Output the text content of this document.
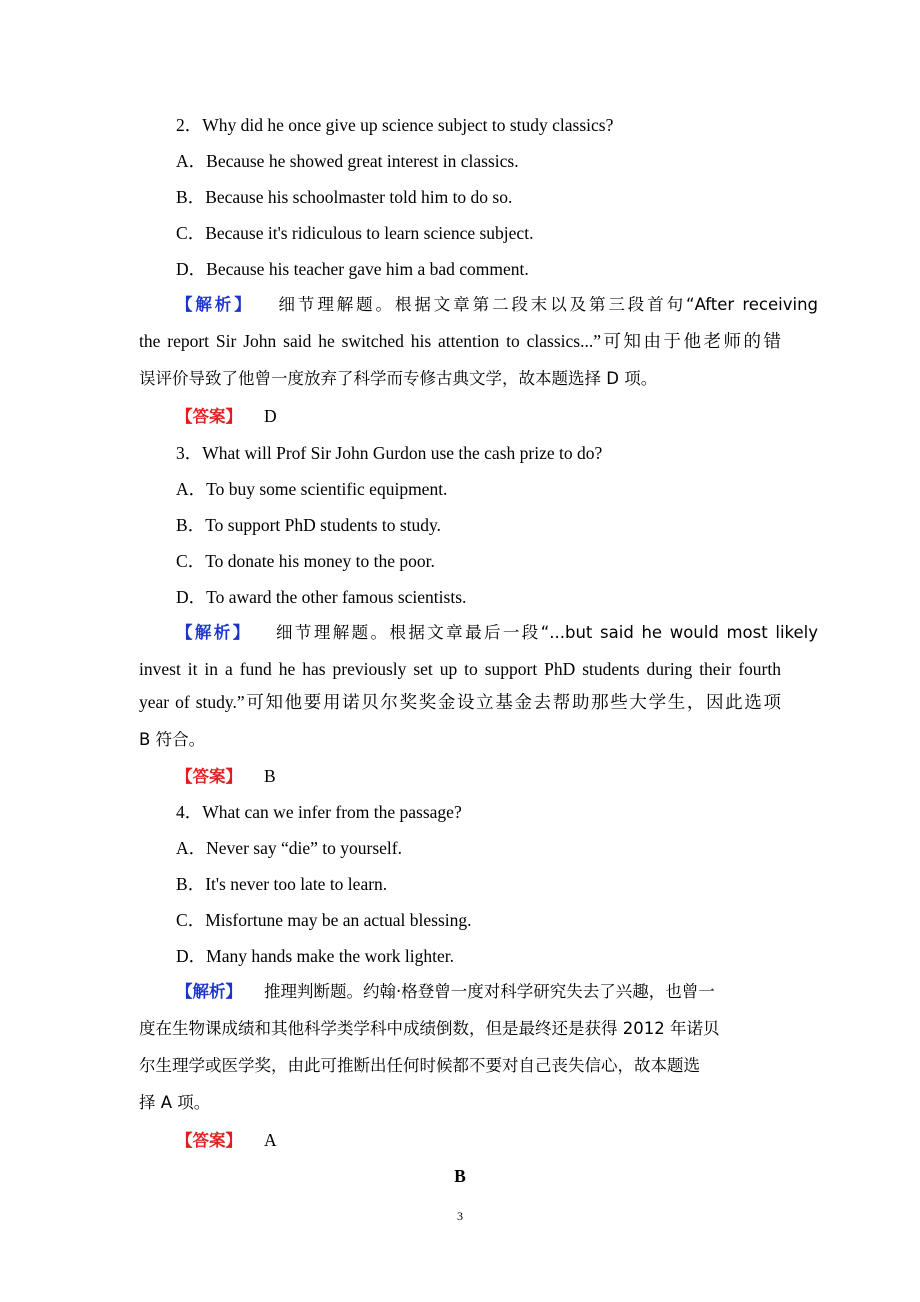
2．Why did he once give up science subject to study classics?
A．Because he showed great interest in classics.
B．Because his schoolmaster told him to do so.
C．Because it's ridiculous to learn science subject.
D．Because his teacher gave him a bad comment.
【解析】 细节理解题。根据文章第二段末以及第三段首句“After receiving
the report Sir John said he switched his attention to classics...”可知由于他老师的错
误评价导致了他曾一度放弃了科学而专修古典文学，故本题选择 D 项。
【答案】 D
3．What will Prof Sir John Gurdon use the cash prize to do?
A．To buy some scientific equipment.
B．To support PhD students to study.
C．To donate his money to the poor.
D．To award the other famous scientists.
【解析】 细节理解题。根据文章最后一段“...but said he would most likely
invest it in a fund he has previously set up to support PhD students during their fourth
year of study.”可知他要用诺贝尔奖奖金设立基金去帮助那些大学生，因此选项
B 符合。
【答案】 B
4．What can we infer from the passage?
A．Never say “die” to yourself.
B．It's never too late to learn.
C．Misfortune may be an actual blessing.
D．Many hands make the work lighter.
【解析】 推理判断题。约翰·格登曾一度对科学研究失去了兴趣，也曾一
度在生物课成绩和其他科学类学科中成绩倒数，但是最终还是获得 2012 年诺贝
尔生理学或医学奖，由此可推断出任何时候都不要对自己丧失信心，故本题选
择 A 项。
【答案】 A
B
3
